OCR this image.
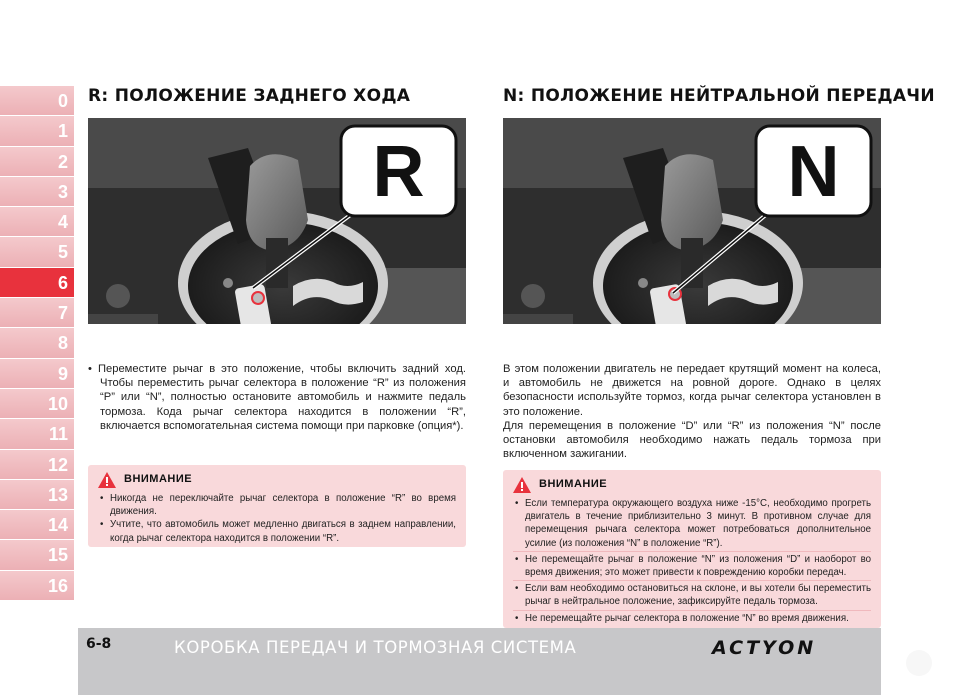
0
1
2
3
4
5
6
7
8
9
10
11
12
13
14
15
16
R: ПОЛОЖЕНИЕ ЗАДНЕГО ХОДА	N: ПОЛОЖЕНИЕ НЕЙТРАЛЬНОЙ ПЕРЕДАЧИ
R	N

• Переместите рычаг в это положение, чтобы включить задний ход. Чтобы переместить рычаг селектора в положение “R” из положения “P” или “N”, полностью остановите автомобиль и нажмите педаль тормоза. Кода рычаг селектора находится в положении “R”, включается вспомогательная система помощи при парковке (опция*).

В этом положении двигатель не передает крутящий момент на колеса, и автомобиль не движется на ровной дороге. Однако в целях безопасности используйте тормоз, когда рычаг селектора установлен в это положение.

Для перемещения в положение “D” или “R” из положения “N” после остановки автомобиля необходимо нажать педаль тормоза при включенном зажигании.

ВНИМАНИЕ
• Никогда не переключайте рычаг селектора в положение “R” во время движения.
• Учтите, что автомобиль может медленно двигаться в заднем направлении, когда рычаг селектора находится в положении “R”.
ВНИМАНИЕ
• Если температура окружающего воздуха ниже -15°C, необходимо прогреть двигатель в течение приблизительно 3 минут. В противном случае для перемещения рычага селектора может потребоваться дополнительное усилие (из положения “N” в положение “R”).
• Не перемещайте рычаг в положение “N” из положения “D” и наоборот во время движения; это может привести к повреждению коробки передач.
• Если вам необходимо остановиться на склоне, и вы хотели бы переместить рычаг в нейтральное положение, зафиксируйте педаль тормоза.
• Не перемещайте рычаг селектора в положение “N” во время движения.
6-8	КОРОБКА ПЕРЕДАЧ И ТОРМОЗНАЯ СИСТЕМА	ACTYON
